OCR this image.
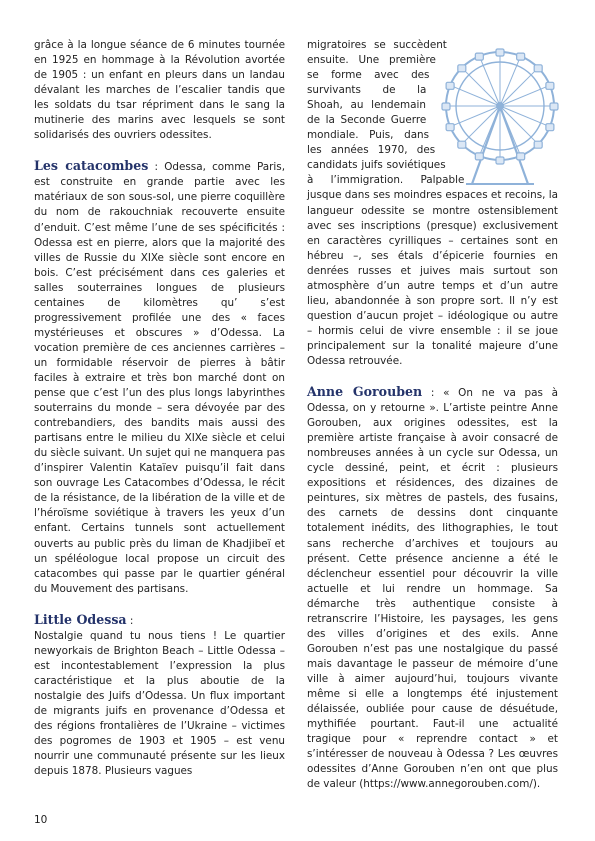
grâce à la longue séance de 6 minutes tournée en 1925 en hommage à la Révolution avortée de 1905 : un enfant en pleurs dans un landau dévalant les marches de l’escalier tandis que les soldats du tsar répriment dans le sang la mutinerie des marins avec lesquels se sont solidarisés des ouvriers odessites.

Les catacombes : Odessa, comme Paris, est construite en grande partie avec les matériaux de son sous-sol, une pierre coquillère du nom de rakouchniak recouverte ensuite d’enduit. C’est même l’une de ses spécificités : Odessa est en pierre, alors que la majorité des villes de Russie du XIXe siècle sont encore en bois. C’est précisément dans ces galeries et salles souterraines longues de plusieurs centaines de kilomètres qu’ s’est progressivement profilée une des « faces mystérieuses et obscures » d’Odessa. La vocation première de ces anciennes carrières – un formidable réservoir de pierres à bâtir faciles à extraire et très bon marché dont on pense que c’est l’un des plus longs labyrinthes souterrains du monde – sera dévoyée par des contrebandiers, des bandits mais aussi des partisans entre le milieu du XIXe siècle et celui du siècle suivant. Un sujet qui ne manquera pas d’inspirer Valentin Kataïev puisqu’il fait dans son ouvrage Les Catacombes d’Odessa, le récit de la résistance, de la libération de la ville et de l’héroïsme soviétique à travers les yeux d’un enfant. Certains tunnels sont actuellement ouverts au public près du liman de Khadjibeï et un spéléologue local propose un circuit des catacombes qui passe par le quartier général du Mouvement des partisans.

Little Odessa :

Nostalgie quand tu nous tiens ! Le quartier newyorkais de Brighton Beach – Little Odessa – est incontestablement l’expression la plus caractéristique et la plus aboutie de la nostalgie des Juifs d’Odessa. Un flux important de migrants juifs en provenance d’Odessa et des régions frontalières de l’Ukraine – victimes des pogromes de 1903 et 1905 – est venu nourrir une communauté présente sur les lieux depuis 1878. Plusieurs vagues

migratoires se succèdent ensuite. Une première se forme avec des survivants de la Shoah, au lendemain de la Seconde Guerre mondiale. Puis, dans les années 1970, des candidats juifs soviétiques à l’immigration. Palpable jusque dans ses moindres espaces et recoins, la langueur odessite se montre ostensiblement avec ses inscriptions (presque) exclusivement en caractères cyrilliques – certaines sont en hébreu –, ses étals d’épicerie fournies en denrées russes et juives mais surtout son atmosphère d’un autre temps et d’un autre lieu, abandonnée à son propre sort. Il n’y est question d’aucun projet – idéologique ou autre – hormis celui de vivre ensemble : il se joue principalement sur la tonalité majeure d’une Odessa retrouvée.

Anne Gorouben : « On ne va pas à Odessa, on y retourne ». L’artiste peintre Anne Gorouben, aux origines odessites, est la première artiste française à avoir consacré de nombreuses années à un cycle sur Odessa, un cycle dessiné, peint, et écrit : plusieurs expositions et résidences, des dizaines de peintures, six mètres de pastels, des fusains, des carnets de dessins dont cinquante totalement inédits, des lithographies, le tout sans recherche d’archives et toujours au présent. Cette présence ancienne a été le déclencheur essentiel pour découvrir la ville actuelle et lui rendre un hommage. Sa démarche très authentique consiste à retranscrire l’Histoire, les paysages, les gens des villes d’origines et des exils. Anne Gorouben n’est pas une nostalgique du passé mais davantage le passeur de mémoire d’une ville à aimer aujourd’hui, toujours vivante même si elle a longtemps été injustement délaissée, oubliée pour cause de désuétude, mythifiée pourtant. Faut-il une actualité tragique pour « reprendre contact » et s’intéresser de nouveau à Odessa ? Les œuvres odessites d’Anne Gorouben n’en ont que plus de valeur (https://www.annegorouben.com/).

10
